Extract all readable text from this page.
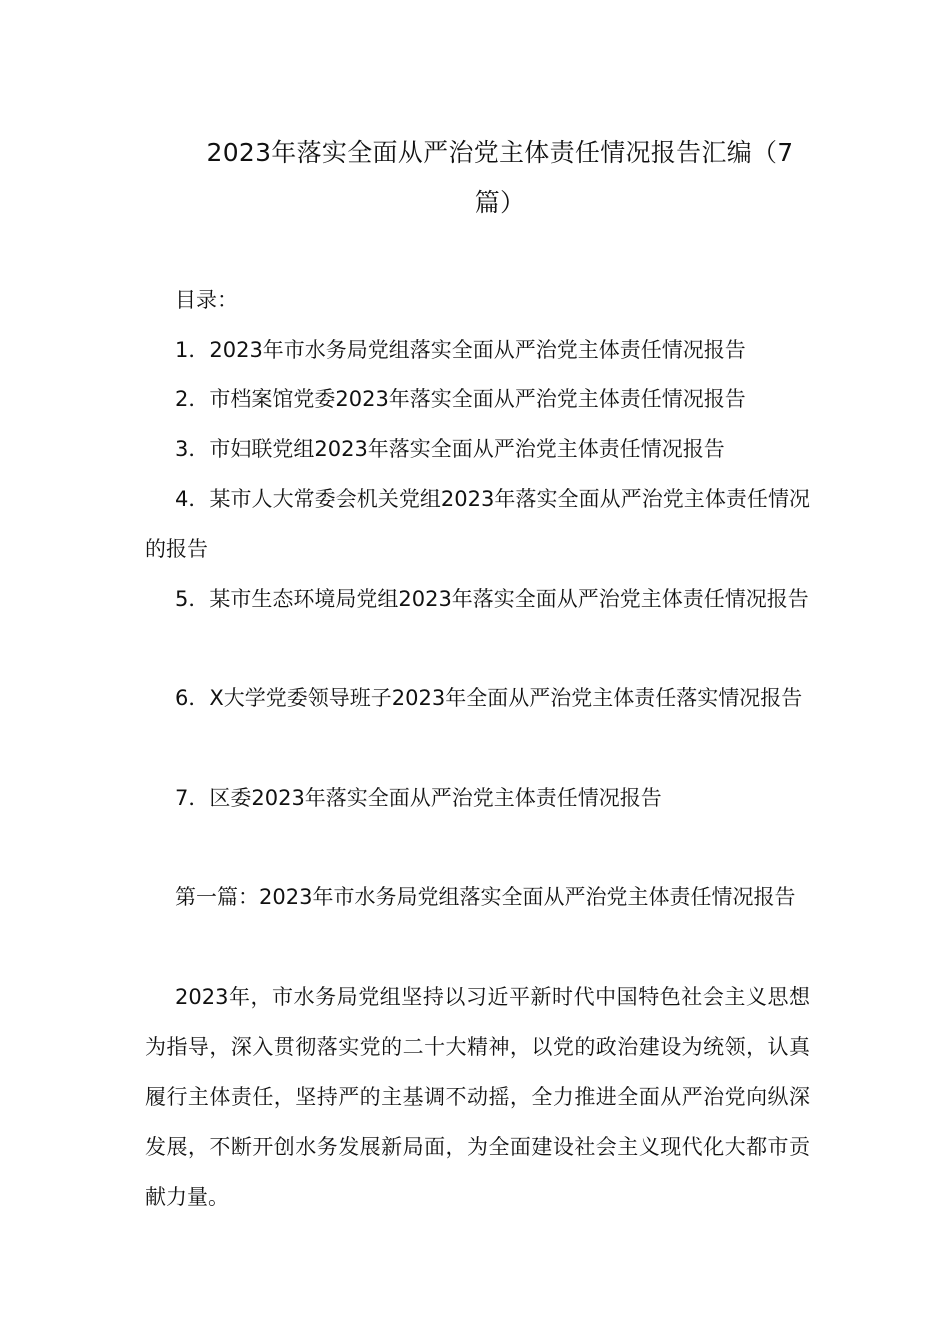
2023年落实全面从严治党主体责任情况报告汇编（7篇）
目录：
1．2023年市水务局党组落实全面从严治党主体责任情况报告
2．市档案馆党委2023年落实全面从严治党主体责任情况报告
3．市妇联党组2023年落实全面从严治党主体责任情况报告
4．某市人大常委会机关党组2023年落实全面从严治党主体责任情况的报告
5．某市生态环境局党组2023年落实全面从严治党主体责任情况报告
6．X大学党委领导班子2023年全面从严治党主体责任落实情况报告
7．区委2023年落实全面从严治党主体责任情况报告
第一篇：2023年市水务局党组落实全面从严治党主体责任情况报告
2023年，市水务局党组坚持以习近平新时代中国特色社会主义思想为指导，深入贯彻落实党的二十大精神，以党的政治建设为统领，认真履行主体责任，坚持严的主基调不动摇，全力推进全面从严治党向纵深发展，不断开创水务发展新局面，为全面建设社会主义现代化大都市贡献力量。
